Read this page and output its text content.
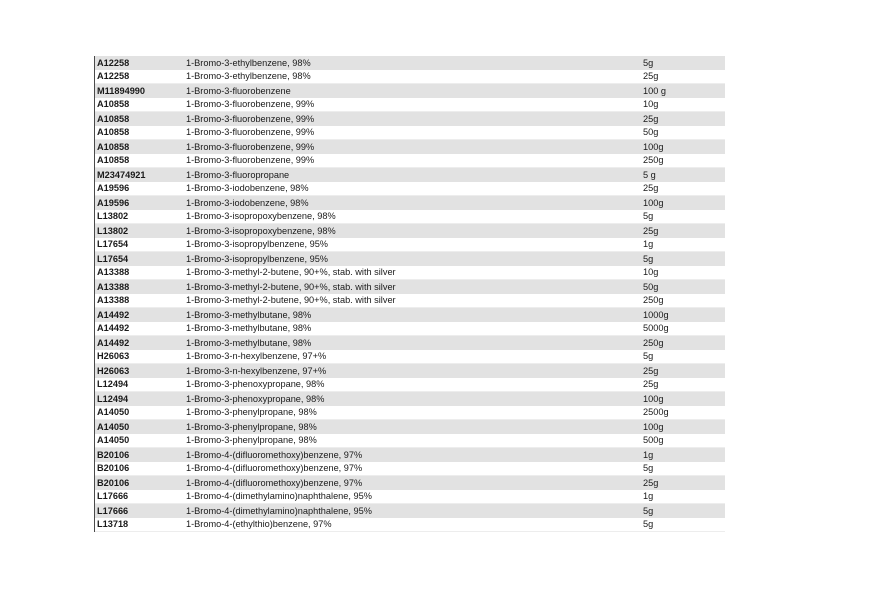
A12258	1-Bromo-3-ethylbenzene, 98%	5g
A12258	1-Bromo-3-ethylbenzene, 98%	25g
M11894990	1-Bromo-3-fluorobenzene	100 g
A10858	1-Bromo-3-fluorobenzene, 99%	10g
A10858	1-Bromo-3-fluorobenzene, 99%	25g
A10858	1-Bromo-3-fluorobenzene, 99%	50g
A10858	1-Bromo-3-fluorobenzene, 99%	100g
A10858	1-Bromo-3-fluorobenzene, 99%	250g
M23474921	1-Bromo-3-fluoropropane	5 g
A19596	1-Bromo-3-iodobenzene, 98%	25g
A19596	1-Bromo-3-iodobenzene, 98%	100g
L13802	1-Bromo-3-isopropoxybenzene, 98%	5g
L13802	1-Bromo-3-isopropoxybenzene, 98%	25g
L17654	1-Bromo-3-isopropylbenzene, 95%	1g
L17654	1-Bromo-3-isopropylbenzene, 95%	5g
A13388	1-Bromo-3-methyl-2-butene, 90+%, stab. with silver	10g
A13388	1-Bromo-3-methyl-2-butene, 90+%, stab. with silver	50g
A13388	1-Bromo-3-methyl-2-butene, 90+%, stab. with silver	250g
A14492	1-Bromo-3-methylbutane, 98%	1000g
A14492	1-Bromo-3-methylbutane, 98%	5000g
A14492	1-Bromo-3-methylbutane, 98%	250g
H26063	1-Bromo-3-n-hexylbenzene, 97+%	5g
H26063	1-Bromo-3-n-hexylbenzene, 97+%	25g
L12494	1-Bromo-3-phenoxypropane, 98%	25g
L12494	1-Bromo-3-phenoxypropane, 98%	100g
A14050	1-Bromo-3-phenylpropane, 98%	2500g
A14050	1-Bromo-3-phenylpropane, 98%	100g
A14050	1-Bromo-3-phenylpropane, 98%	500g
B20106	1-Bromo-4-(difluoromethoxy)benzene, 97%	1g
B20106	1-Bromo-4-(difluoromethoxy)benzene, 97%	5g
B20106	1-Bromo-4-(difluoromethoxy)benzene, 97%	25g
L17666	1-Bromo-4-(dimethylamino)naphthalene, 95%	1g
L17666	1-Bromo-4-(dimethylamino)naphthalene, 95%	5g
L13718	1-Bromo-4-(ethylthio)benzene, 97%	5g
